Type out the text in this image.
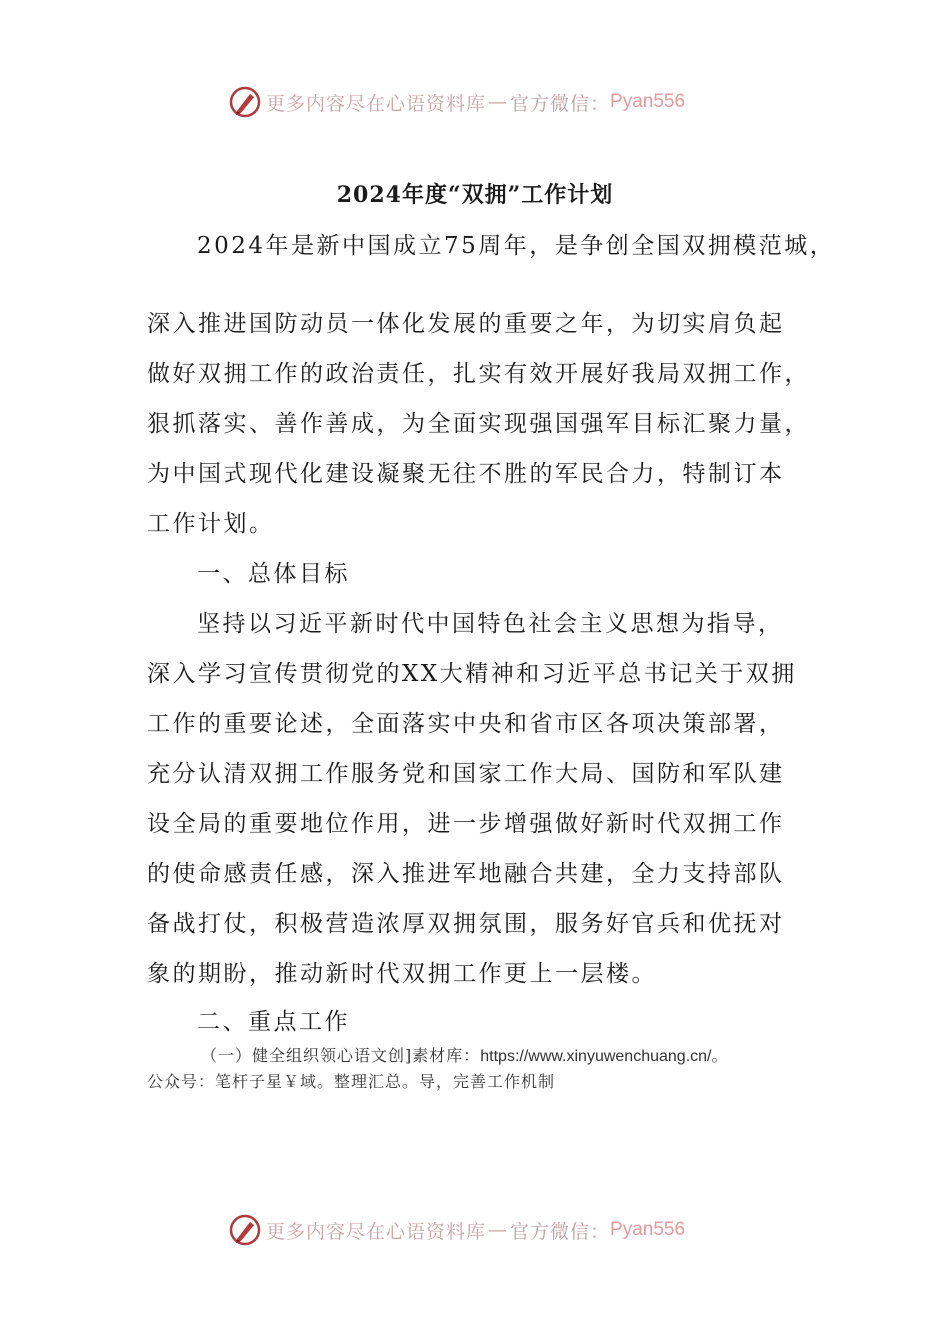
更多内容尽在心语资料库 — 官方微信： Pyan556
2024年度“双拥”工作计划
2024年是新中国成立75周年，是争创全国双拥模范城，
深入推进国防动员一体化发展的重要之年，为切实肩负起
做好双拥工作的政治责任，扎实有效开展好我局双拥工作，
狠抓落实、善作善成，为全面实现强国强军目标汇聚力量，
为中国式现代化建设凝聚无往不胜的军民合力，特制订本
工作计划。
一、总体目标
坚持以习近平新时代中国特色社会主义思想为指导，
深入学习宣传贯彻党的XX大精神和习近平总书记关于双拥
工作的重要论述，全面落实中央和省市区各项决策部署，
充分认清双拥工作服务党和国家工作大局、国防和军队建
设全局的重要地位作用，进一步增强做好新时代双拥工作
的使命感责任感，深入推进军地融合共建，全力支持部队
备战打仗，积极营造浓厚双拥氛围，服务好官兵和优抚对
象的期盼，推动新时代双拥工作更上一层楼。
二、重点工作
（一）健全组织领心语文创]素材库：https://www.xinyuwenchuang.cn/。
公众号：笔杆子星￥域。整理汇总。导，完善工作机制
更多内容尽在心语资料库 — 官方微信： Pyan556
